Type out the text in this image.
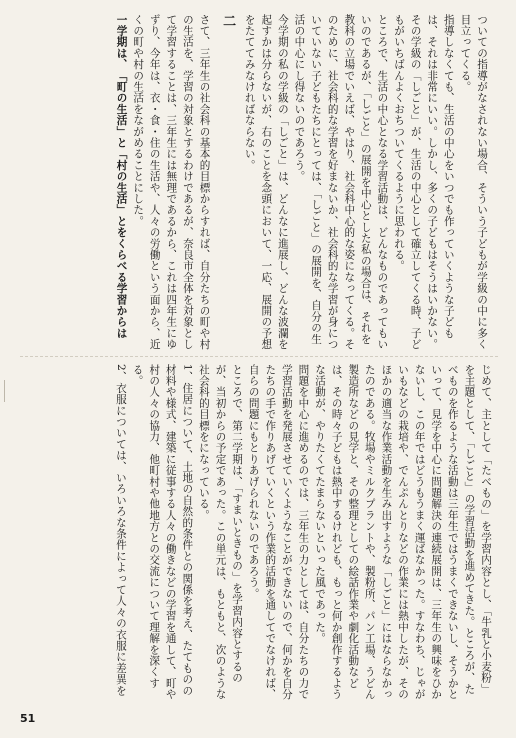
ついての指導がなされない場合、そういう子どもが学級の中に多く目立ってくる。

指導しなくても、生活の中心をいつでも作っていくような子どもは、それは非常にいい。しかし、多くの子どもはそうはいかない。その学級の「しごと」が、生活の中心として確立してくる時、子どもがいちばんよくおちついてくるように思われる。

ところで、生活の中心となる学習活動は、どんなものであってもいいのであるが、「しごと」の展開を中心とした私の場合は、それを教科の立場でいえば、やはり、社会科中心的な姿になってくる。そのために、社会科的な学習を好まないか、社会科的な学習が身についていない子どもたちにとっては、「しごと」の展開を、自分の生活の中心にし得ないのであろう。

今学期の私の学級の「しごと」は、どんなに進展し、どんな波瀾を起すかは分らないが、右のことを念頭において、一応、展開の予想をたててみなければならない。

二

さて、三年生の社会科の基本的目標からすれば、自分たちの町や村の生活を、学習の対象とするわけであるが、奈良市全体を対象として学習することは、三年生には無理であるから、これは四年生にゆずり、今年は、衣・食・住の生活や、人々の労働という面から、近くの町や村の生活をながめることにした。

一学期は、「町の生活」と「村の生活」とをくらべる学習からは

じめて、主として「たべもの」を学習内容とし、「牛乳と小麦粉」を主題として、「しごと」の学習活動を進めてきた。ところが、たべものを作るような活動は三年生ではうまくできないし、そうかといって、見学を中心に問題解決の連続展開は、三年生の興味をひかないし、この年ではどうもうまく運ばなかった。すなわち、じゃがいもなどの栽培や、でんぷんとりなどの作業には熱中したが、そのほかの適当な作業活動を生み出すような「しごと」にはならなかったのである。牧場やミルクプラントや、製粉所、パン工場、うどん製造所などの見学と、その整理としての絵話作業や劇化活動などは、その時々子どもは熱中するけれども、もっと何か創作するような活動が、やりたくてたまらないといった風であった。

問題を中心に進めるのでは、三年生の力としては、自分たちの力で学習活動を発展させていくようなことができないので、何かを自分たちの手で作りあげていくという作業的活動を通してでなければ、自らの問題にもとりあげられないのであろう。

ところで、第二学期は、「すまいときもの」を学習内容とするのが、当初からの予定であった。この単元は、もともと、次のような社会科的目標をになっている。

1、住居について、土地の自然的条件との関係を考え、たてものの材料や様式、建築に従事する人々の働きなどの学習を通して、町や村の人々の協力、他町村や他地方との交流について理解を深くする。

2、衣服については、いろいろな条件によって人々の衣服に差異を

51
